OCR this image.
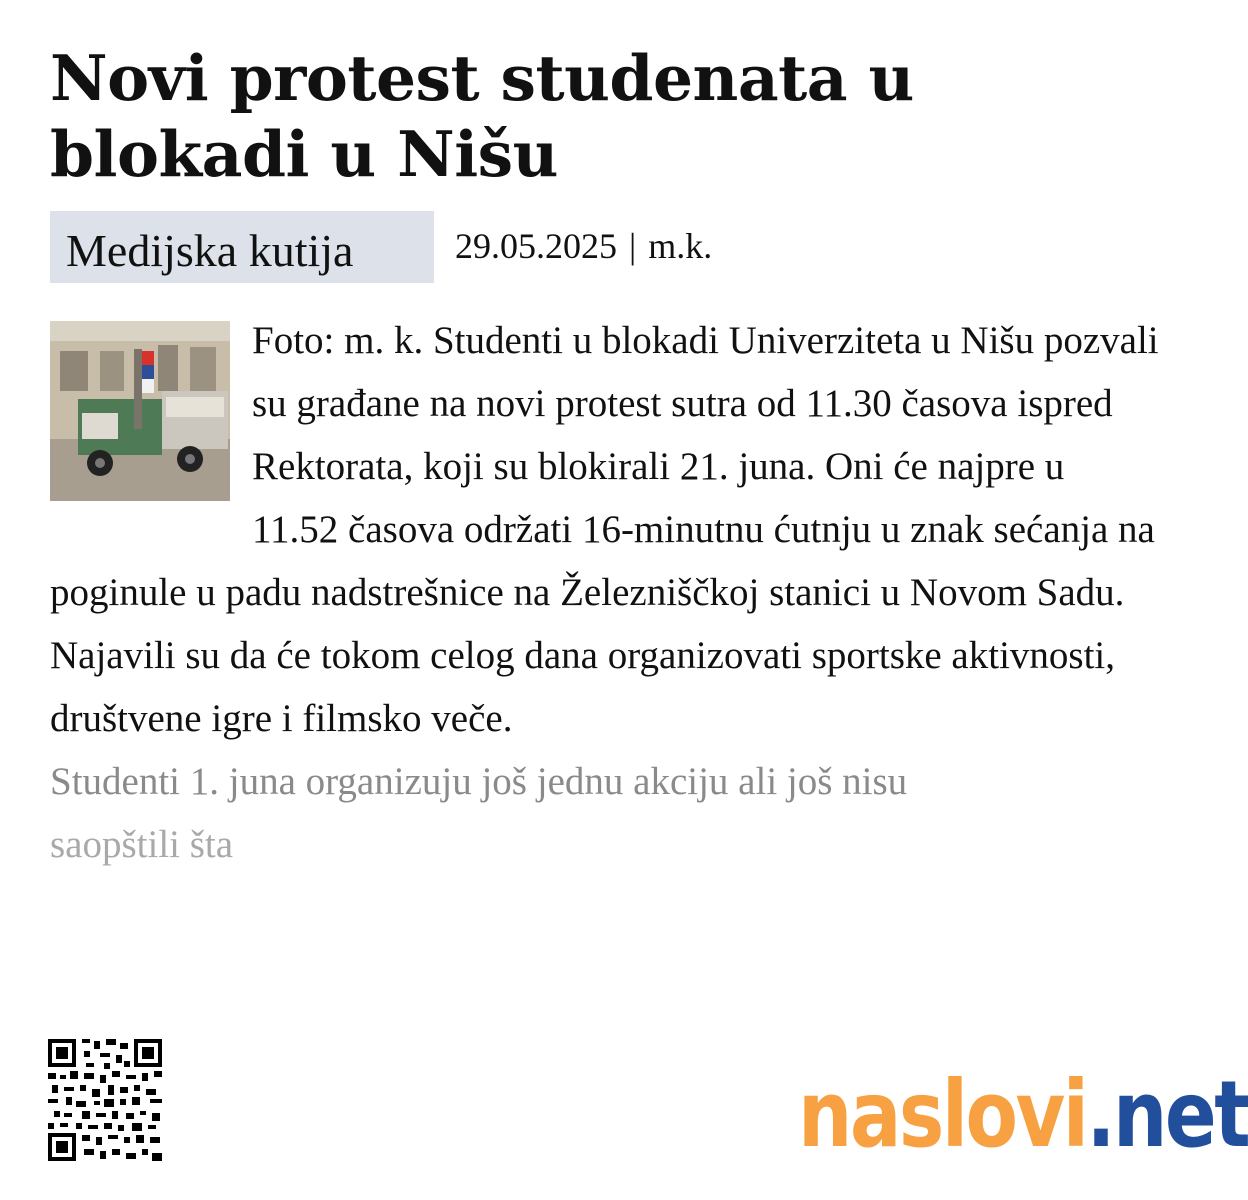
Novi protest studenata u blokadi u Nišu
Medijska kutija	29.05.2025 | m.k.

Foto: m. k. Studenti u blokadi Univerziteta u Nišu pozvali su građane na novi protest sutra od 11.30 časova ispred Rektorata, koji su blokirali 21. juna. Oni će najpre u 11.52 časova održati 16-minutnu ćutnju u znak sećanja na poginule u padu nadstrešnice na Železniščkoj stanici u Novom Sadu. Najavili su da će tokom celog dana organizovati sportske aktivnosti, društvene igre i filmsko veče.

Studenti 1. juna organizuju još jednu akciju ali još nisu

saopštili šta

naslovi.net
